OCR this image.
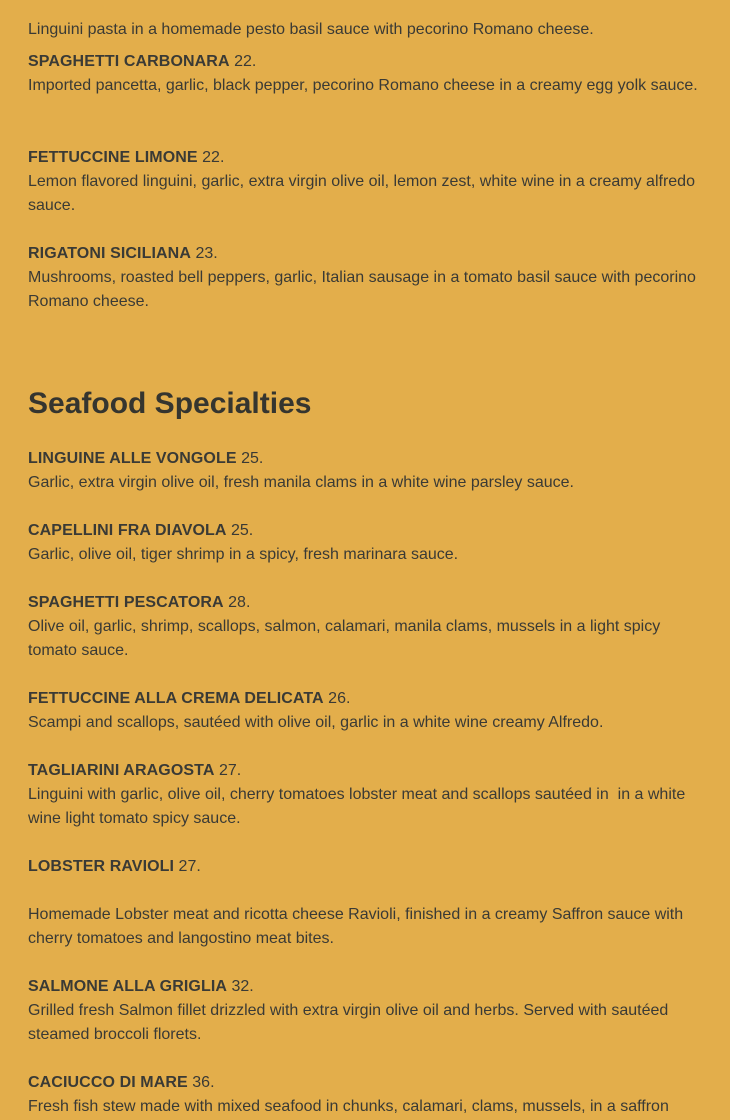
Linguini pasta in a homemade pesto basil sauce with pecorino Romano cheese.

SPAGHETTI CARBONARA 22.

Imported pancetta, garlic, black pepper, pecorino Romano cheese in a creamy egg yolk sauce.

FETTUCCINE LIMONE 22.

Lemon flavored linguini, garlic, extra virgin olive oil, lemon zest, white wine in a creamy alfredo sauce.

RIGATONI SICILIANA 23.

Mushrooms, roasted bell peppers, garlic, Italian sausage in a tomato basil sauce with pecorino Romano cheese.

Seafood Specialties

LINGUINE ALLE VONGOLE 25.

Garlic, extra virgin olive oil, fresh manila clams in a white wine parsley sauce.

CAPELLINI FRA DIAVOLA 25.

Garlic, olive oil, tiger shrimp in a spicy, fresh marinara sauce.

SPAGHETTI PESCATORA 28.

Olive oil, garlic, shrimp, scallops, salmon, calamari, manila clams, mussels in a light spicy tomato sauce.

FETTUCCINE ALLA CREMA DELICATA 26.

Scampi and scallops, sautéed with olive oil, garlic in a white wine creamy Alfredo.

TAGLIARINI ARAGOSTA 27.

Linguini with garlic, olive oil, cherry tomatoes lobster meat and scallops sautéed in  in a white wine light tomato spicy sauce.

LOBSTER RAVIOLI 27.

Homemade Lobster meat and ricotta cheese Ravioli, finished in a creamy Saffron sauce with cherry tomatoes and langostino meat bites.

SALMONE ALLA GRIGLIA 32.

Grilled fresh Salmon fillet drizzled with extra virgin olive oil and herbs. Served with sautéed steamed broccoli florets.

CACIUCCO DI MARE 36.

Fresh fish stew made with mixed seafood in chunks, calamari, clams, mussels, in a saffron
